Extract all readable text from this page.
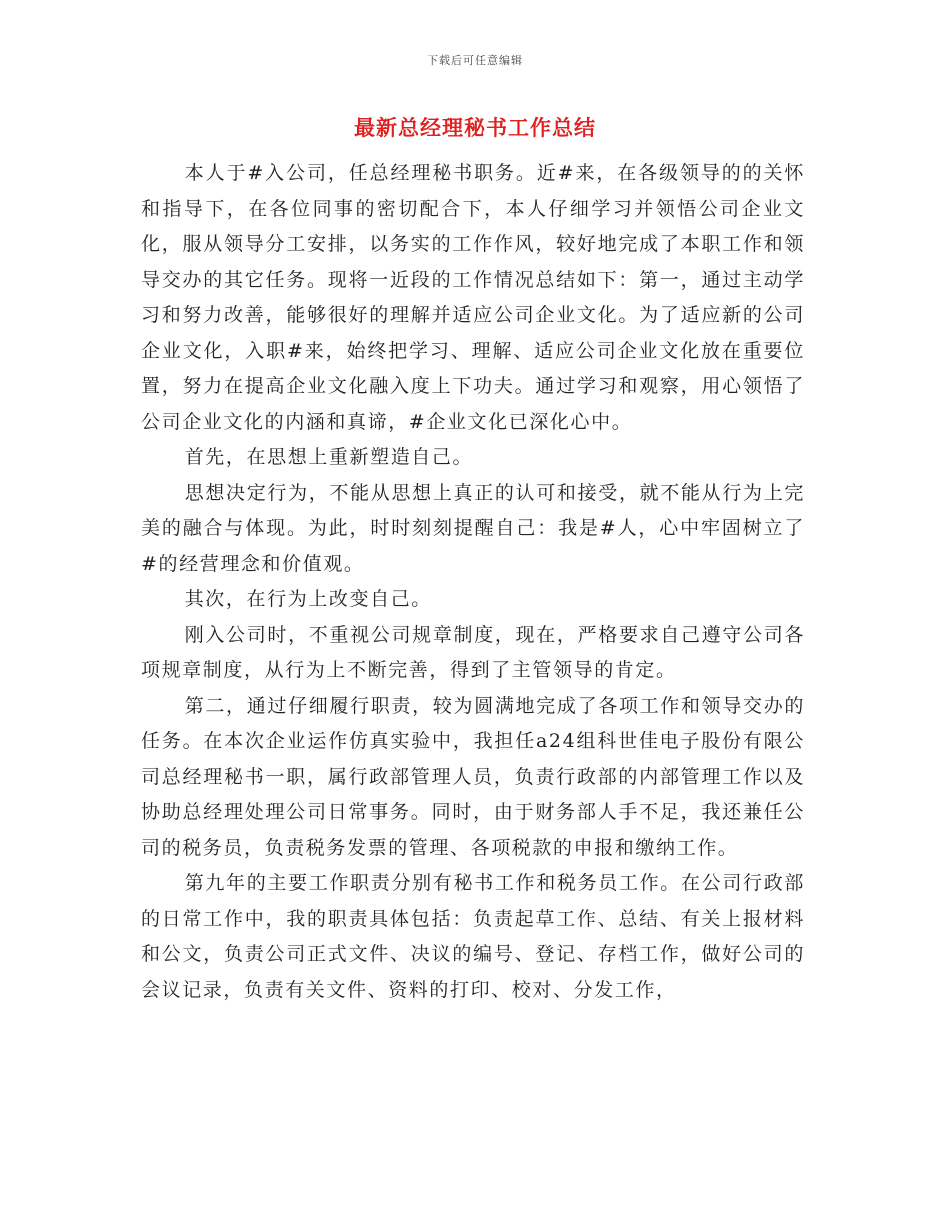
下载后可任意编辑
最新总经理秘书工作总结

本人于#入公司，任总经理秘书职务。近#来，在各级领导的的关怀和指导下，在各位同事的密切配合下，本人仔细学习并领悟公司企业文化，服从领导分工安排，以务实的工作作风，较好地完成了本职工作和领导交办的其它任务。现将一近段的工作情况总结如下：第一，通过主动学习和努力改善，能够很好的理解并适应公司企业文化。为了适应新的公司企业文化，入职#来，始终把学习、理解、适应公司企业文化放在重要位置，努力在提高企业文化融入度上下功夫。通过学习和观察，用心领悟了公司企业文化的内涵和真谛，#企业文化已深化心中。

首先，在思想上重新塑造自己。

思想决定行为，不能从思想上真正的认可和接受，就不能从行为上完美的融合与体现。为此，时时刻刻提醒自己：我是#人，心中牢固树立了#的经营理念和价值观。

其次，在行为上改变自己。

刚入公司时，不重视公司规章制度，现在，严格要求自己遵守公司各项规章制度，从行为上不断完善，得到了主管领导的肯定。

第二，通过仔细履行职责，较为圆满地完成了各项工作和领导交办的任务。在本次企业运作仿真实验中，我担任a24组科世佳电子股份有限公司总经理秘书一职，属行政部管理人员，负责行政部的内部管理工作以及协助总经理处理公司日常事务。同时，由于财务部人手不足，我还兼任公司的税务员，负责税务发票的管理、各项税款的申报和缴纳工作。

第九年的主要工作职责分别有秘书工作和税务员工作。在公司行政部的日常工作中，我的职责具体包括：负责起草工作、总结、有关上报材料和公文，负责公司正式文件、决议的编号、登记、存档工作，做好公司的会议记录，负责有关文件、资料的打印、校对、分发工作，
